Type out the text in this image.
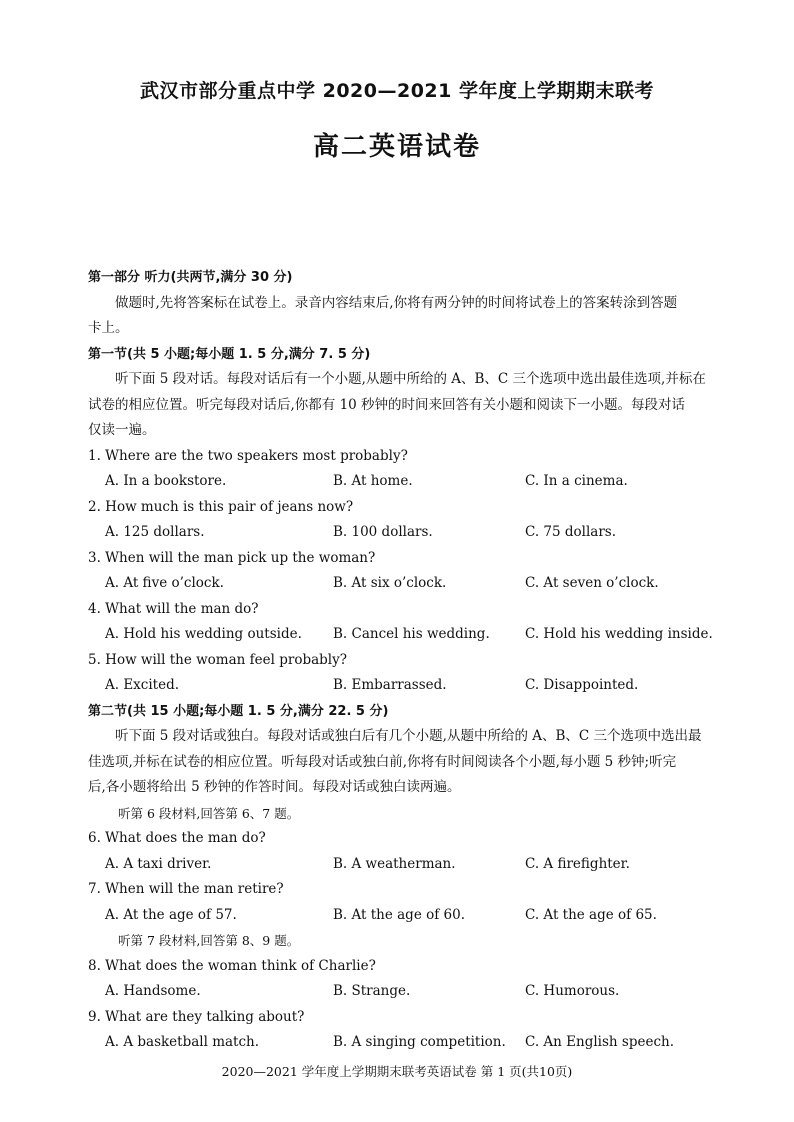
武汉市部分重点中学 2020—2021 学年度上学期期末联考
高二英语试卷
第一部分 听力(共两节,满分 30 分)
做题时,先将答案标在试卷上。录音内容结束后,你将有两分钟的时间将试卷上的答案转涂到答题
卡上。
第一节(共 5 小题;每小题 1. 5 分,满分 7. 5 分)
听下面 5 段对话。每段对话后有一个小题,从题中所给的 A、B、C 三个选项中选出最佳选项,并标在
试卷的相应位置。听完每段对话后,你都有 10 秒钟的时间来回答有关小题和阅读下一小题。每段对话
仅读一遍。
1. Where are the two speakers most probably?
A. In a bookstore.	B. At home.	C. In a cinema.
2. How much is this pair of jeans now?
A. 125 dollars.	B. 100 dollars.	C. 75 dollars.
3. When will the man pick up the woman?
A. At five o’clock.	B. At six o’clock.	C. At seven o’clock.
4. What will the man do?
A. Hold his wedding outside. B. Cancel his wedding.	C. Hold his wedding inside.
5. How will the woman feel probably?
A. Excited.	B. Embarrassed.	C. Disappointed.
第二节(共 15 小题;每小题 1. 5 分,满分 22. 5 分)
听下面 5 段对话或独白。每段对话或独白后有几个小题,从题中所给的 A、B、C 三个选项中选出最
佳选项,并标在试卷的相应位置。听每段对话或独白前,你将有时间阅读各个小题,每小题 5 秒钟;听完
后,各小题将给出 5 秒钟的作答时间。每段对话或独白读两遍。
听第 6 段材料,回答第 6、7 题。
6. What does the man do?
A. A taxi driver.	B. A weatherman.	C. A firefighter.
7. When will the man retire?
A. At the age of 57.	B. At the age of 60.	C. At the age of 65.
听第 7 段材料,回答第 8、9 题。
8. What does the woman think of Charlie?
A. Handsome.	B. Strange.	C. Humorous.
9. What are they talking about?
A. A basketball match.	B. A singing competition. C. An English speech.
2020—2021 学年度上学期期末联考英语试卷 第 1 页(共10页)
